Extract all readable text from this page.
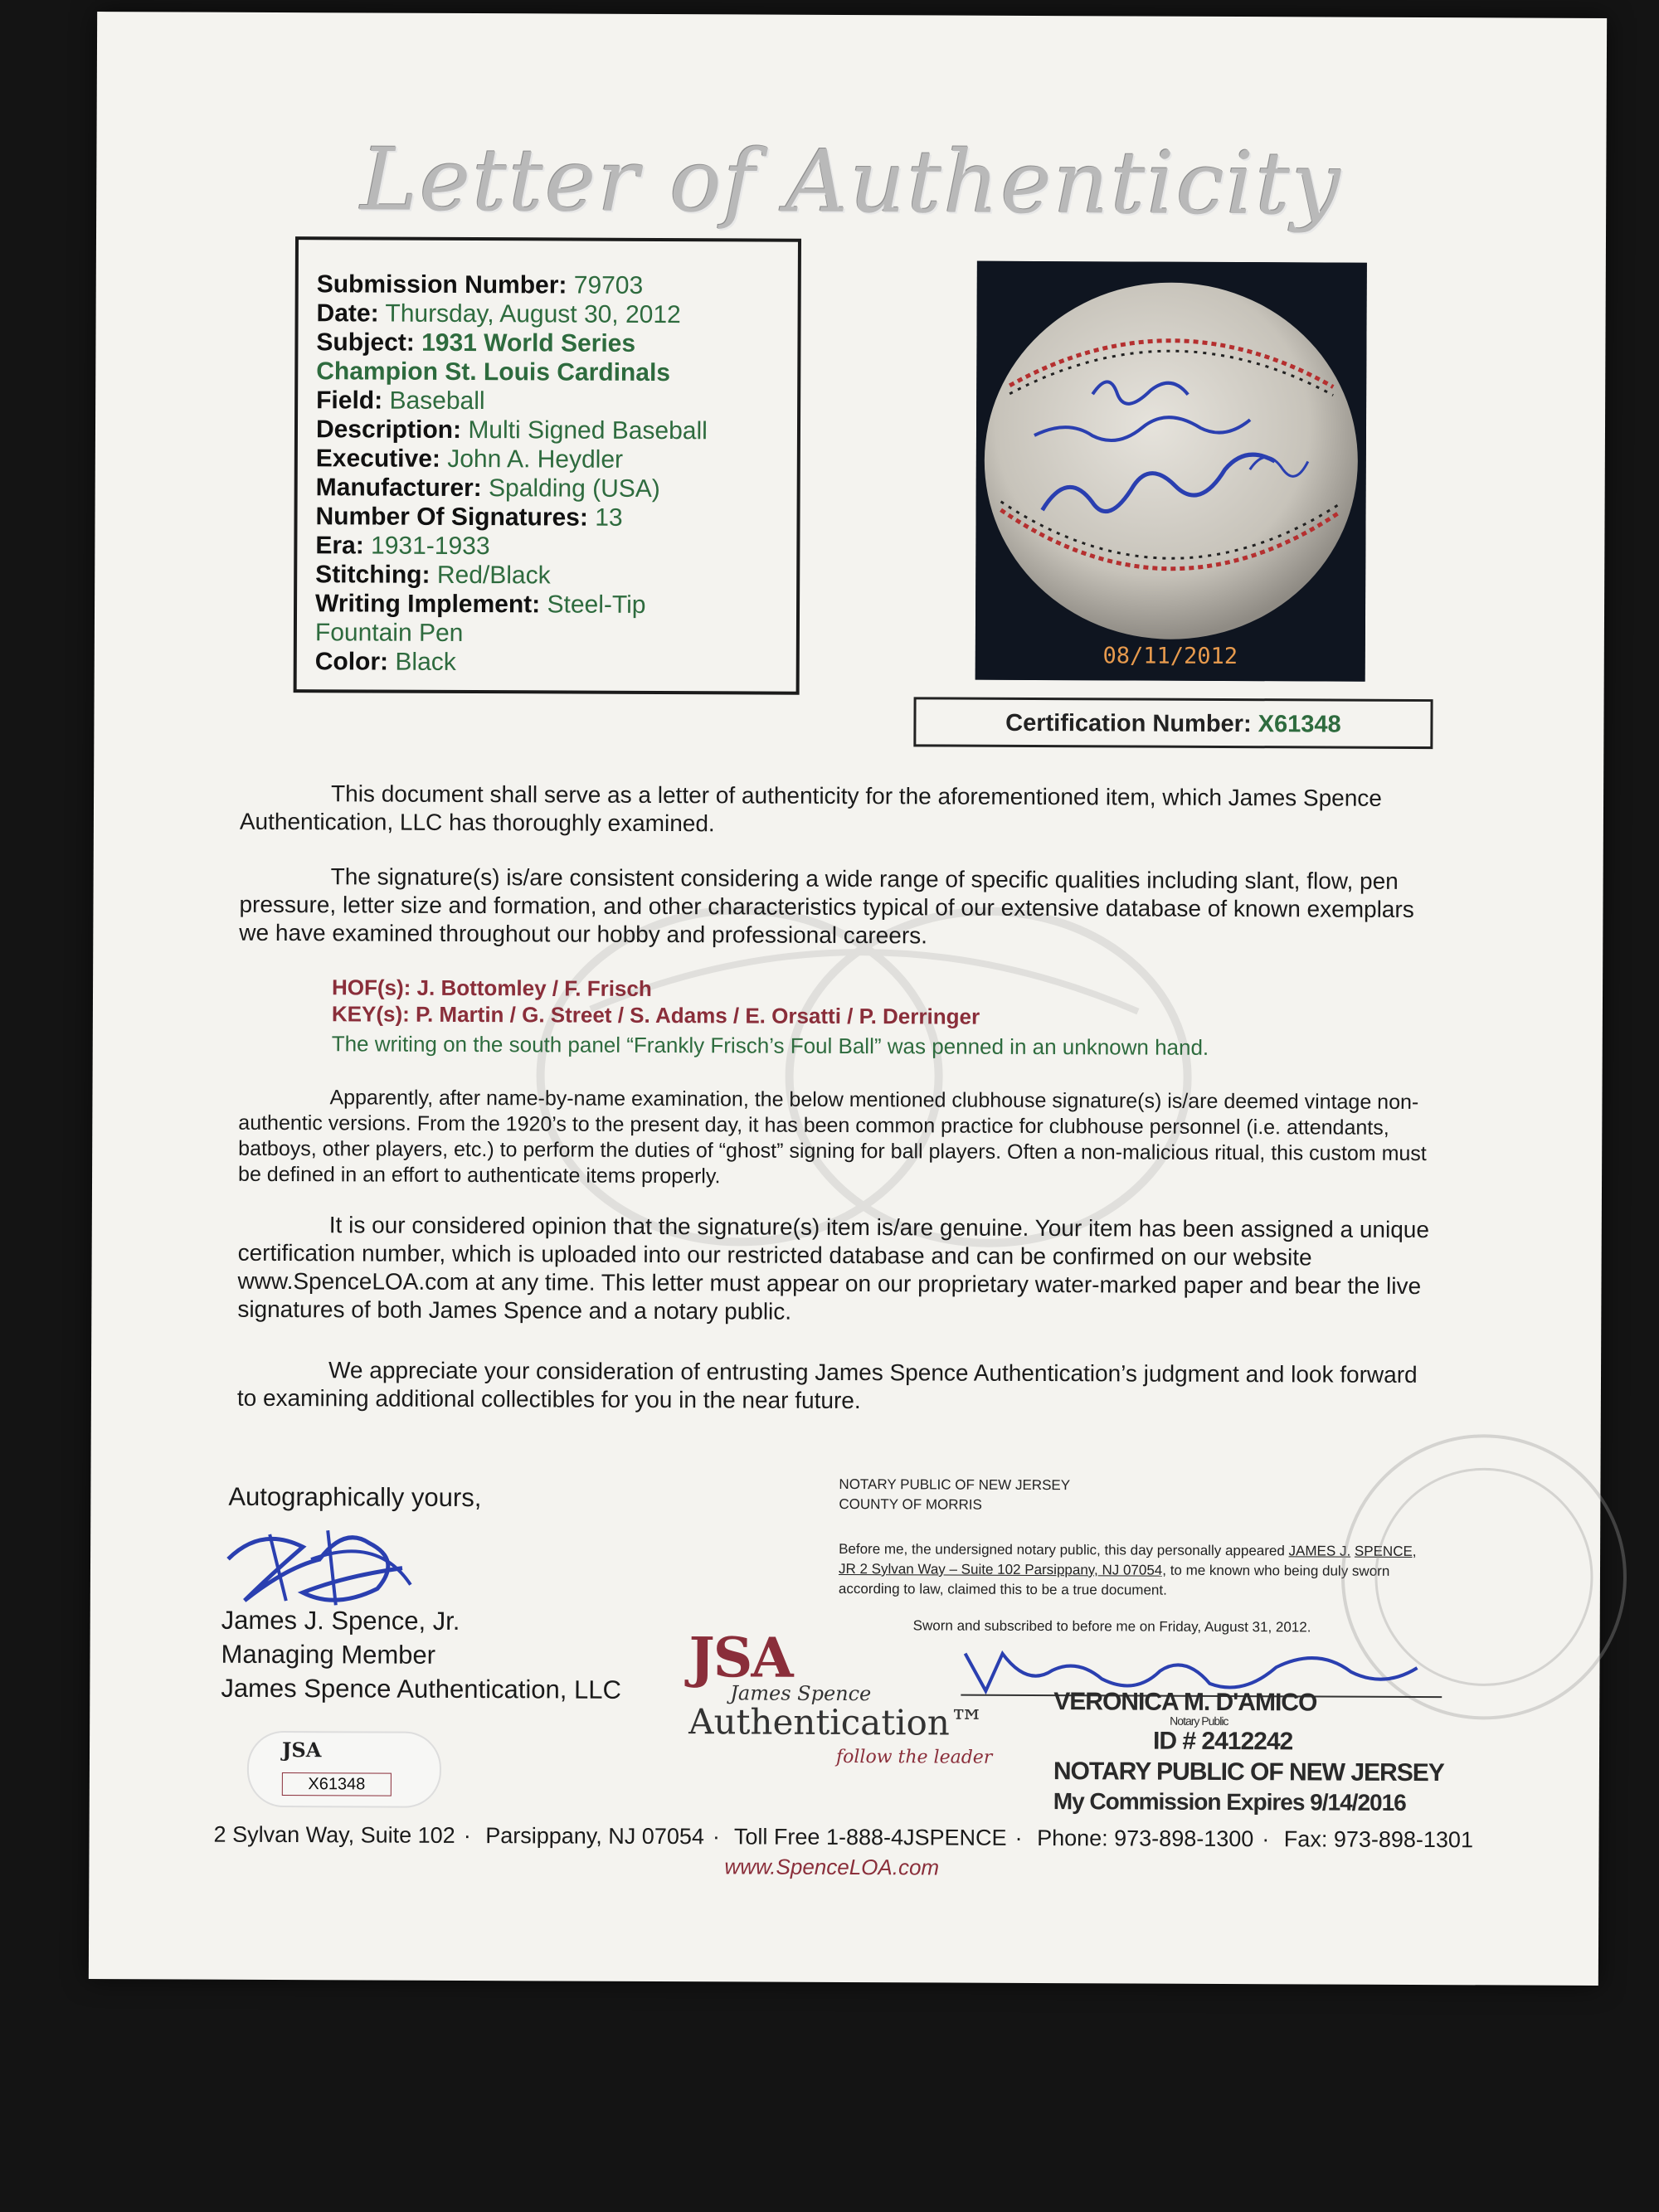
Letter of Authenticity
Submission Number: 79703
Date: Thursday, August 30, 2012
Subject: 1931 World Series
Champion St. Louis Cardinals
Field: Baseball
Description: Multi Signed Baseball
Executive: John A. Heydler
Manufacturer: Spalding (USA)
Number Of Signatures: 13
Era: 1931-1933
Stitching: Red/Black
Writing Implement: Steel-Tip
Fountain Pen
Color: Black	08/11/2012
Certification Number: X61348

This document shall serve as a letter of authenticity for the aforementioned item, which James Spence Authentication, LLC has thoroughly examined.

The signature(s) is/are consistent considering a wide range of specific qualities including slant, flow, pen pressure, letter size and formation, and other characteristics typical of our extensive database of known exemplars we have examined throughout our hobby and professional careers.

HOF(s): J. Bottomley / F. Frisch
KEY(s): P. Martin / G. Street / S. Adams / E. Orsatti / P. Derringer
The writing on the south panel “Frankly Frisch’s Foul Ball” was penned in an unknown hand.

Apparently, after name-by-name examination, the below mentioned clubhouse signature(s) is/are deemed vintage non-authentic versions. From the 1920’s to the present day, it has been common practice for clubhouse personnel (i.e. attendants, batboys, other players, etc.) to perform the duties of “ghost” signing for ball players. Often a non-malicious ritual, this custom must be defined in an effort to authenticate items properly.

It is our considered opinion that the signature(s) item is/are genuine. Your item has been assigned a unique certification number, which is uploaded into our restricted database and can be confirmed on our website www.SpenceLOA.com at any time. This letter must appear on our proprietary water-marked paper and bear the live signatures of both James Spence and a notary public.

We appreciate your consideration of entrusting James Spence Authentication’s judgment and look forward to examining additional collectibles for you in the near future.

Autographically yours,
James J. Spence, Jr.
Managing Member
James Spence Authentication, LLC
NOTARY PUBLIC OF NEW JERSEY
COUNTY OF MORRIS
Before me, the undersigned notary public, this day personally appeared JAMES J. SPENCE, JR 2 Sylvan Way – Suite 102 Parsippany, NJ 07054, to me known who being duly sworn according to law, claimed this to be a true document.
Sworn and subscribed to before me on Friday, August 31, 2012.
JSA
James Spence
Authentication™
follow the leader
VERONICA M. D'AMICO
Notary Public
ID # 2412242
NOTARY PUBLIC OF NEW JERSEY
My Commission Expires 9/14/2016
JSA
X61348
2 Sylvan Way, Suite 102 · Parsippany, NJ 07054 · Toll Free 1-888-4JSPENCE · Phone: 973-898-1300 · Fax: 973-898-1301
www.SpenceLOA.com
